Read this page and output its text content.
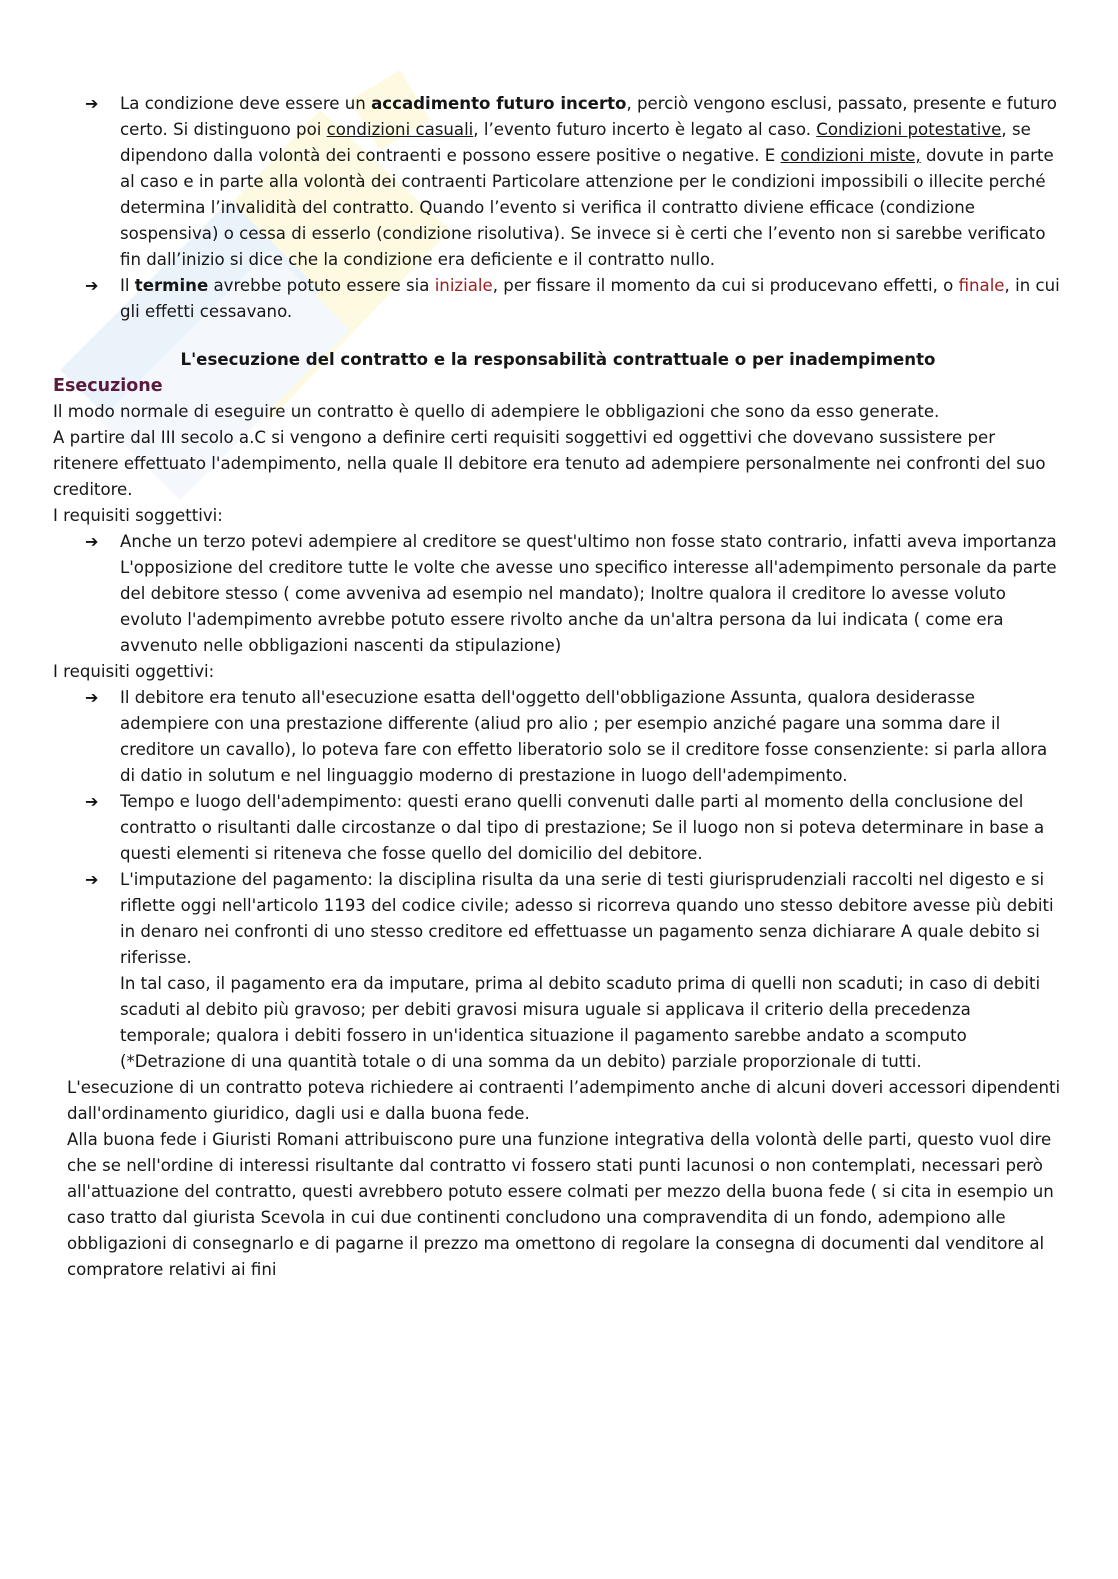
➔ La condizione deve essere un accadimento futuro incerto, perciò vengono esclusi, passato, presente e futuro certo. Si distinguono poi condizioni casuali, l’evento futuro incerto è legato al caso. Condizioni potestative, se dipendono dalla volontà dei contraenti e possono essere positive o negative. E condizioni miste, dovute in parte al caso e in parte alla volontà dei contraenti Particolare attenzione per le condizioni impossibili o illecite perché determina l’invalidità del contratto. Quando l’evento si verifica il contratto diviene efficace (condizione sospensiva) o cessa di esserlo (condizione risolutiva). Se invece si è certi che l’evento non si sarebbe verificato fin dall’inizio si dice che la condizione era deficiente e il contratto nullo.
➔ Il termine avrebbe potuto essere sia iniziale, per fissare il momento da cui si producevano effetti, o finale, in cui gli effetti cessavano.
L'esecuzione del contratto e la responsabilità contrattuale o per inadempimento
Esecuzione

Il modo normale di eseguire un contratto è quello di adempiere le obbligazioni che sono da esso generate.

A partire dal III secolo a.C si vengono a definire certi requisiti soggettivi ed oggettivi che dovevano sussistere per ritenere effettuato l'adempimento, nella quale Il debitore era tenuto ad adempiere personalmente nei confronti del suo creditore.

I requisiti soggettivi:

➔ Anche un terzo potevi adempiere al creditore se quest'ultimo non fosse stato contrario, infatti aveva importanza L'opposizione del creditore tutte le volte che avesse uno specifico interesse all'adempimento personale da parte del debitore stesso ( come avveniva ad esempio nel mandato); Inoltre qualora il creditore lo avesse voluto evoluto l'adempimento avrebbe potuto essere rivolto anche da un'altra persona da lui indicata ( come era avvenuto nelle obbligazioni nascenti da stipulazione)

I requisiti oggettivi:

➔ Il debitore era tenuto all'esecuzione esatta dell'oggetto dell'obbligazione Assunta, qualora desiderasse adempiere con una prestazione differente (aliud pro alio ; per esempio anziché pagare una somma dare il creditore un cavallo), lo poteva fare con effetto liberatorio solo se il creditore fosse consenziente: si parla allora di datio in solutum e nel linguaggio moderno di prestazione in luogo dell'adempimento.
➔ Tempo e luogo dell'adempimento: questi erano quelli convenuti dalle parti al momento della conclusione del contratto o risultanti dalle circostanze o dal tipo di prestazione; Se il luogo non si poteva determinare in base a questi elementi si riteneva che fosse quello del domicilio del debitore.
➔ L'imputazione del pagamento: la disciplina risulta da una serie di testi giurisprudenziali raccolti nel digesto e si riflette oggi nell'articolo 1193 del codice civile; adesso si ricorreva quando uno stesso debitore avesse più debiti in denaro nei confronti di uno stesso creditore ed effettuasse un pagamento senza dichiarare A quale debito si riferisse.

In tal caso, il pagamento era da imputare, prima al debito scaduto prima di quelli non scaduti; in caso di debiti scaduti al debito più gravoso; per debiti gravosi misura uguale si applicava il criterio della precedenza temporale; qualora i debiti fossero in un'identica situazione il pagamento sarebbe andato a scomputo (*Detrazione di una quantità totale o di una somma da un debito) parziale proporzionale di tutti.

L'esecuzione di un contratto poteva richiedere ai contraenti l’adempimento anche di alcuni doveri accessori dipendenti dall'ordinamento giuridico, dagli usi e dalla buona fede.

Alla buona fede i Giuristi Romani attribuiscono pure una funzione integrativa della volontà delle parti, questo vuol dire che se nell'ordine di interessi risultante dal contratto vi fossero stati punti lacunosi o non contemplati, necessari però all'attuazione del contratto, questi avrebbero potuto essere colmati per mezzo della buona fede ( si cita in esempio un caso tratto dal giurista Scevola in cui due continenti concludono una compravendita di un fondo, adempiono alle obbligazioni di consegnarlo e di pagarne il prezzo ma omettono di regolare la consegna di documenti dal venditore al compratore relativi ai fini
